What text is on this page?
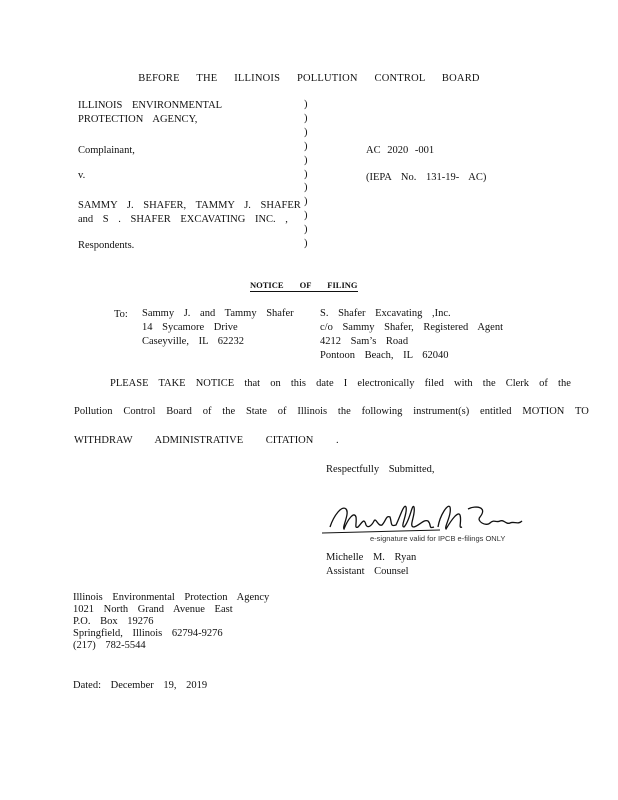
BEFORE THE ILLINOIS POLLUTION CONTROL BOARD
ILLINOIS ENVIRONMENTAL
PROTECTION AGENCY,
Complainant,
v.
SAMMY J. SHAFER, TAMMY J. SHAFER
and S . SHAFER EXCAVATING INC. ,
Respondents.
)
)
)
)
)
)
)
)
)
)
)
AC 2020 -001
(IEPA No. 131-19- AC)
NOTICE OF FILING
To: Sammy J. and Tammy Shafer
14 Sycamore Drive
Caseyville, IL 62232
S. Shafer Excavating ,Inc.
c/o Sammy Shafer, Registered Agent
4212 Sam’s Road
Pontoon Beach, IL 62040
PLEASE TAKE NOTICE that on this date I electronically filed with the Clerk of the
Pollution Control Board of the State of Illinois the following instrument(s) entitled MOTION TO
WITHDRAW ADMINISTRATIVE CITATION .
Respectfully Submitted,
e-signature valid for IPCB e-filings ONLY
Michelle M. Ryan
Assistant Counsel
Illinois Environmental Protection Agency
1021 North Grand Avenue East
P.O. Box 19276
Springfield, Illinois 62794-9276
(217) 782-5544
Dated: December 19, 2019
